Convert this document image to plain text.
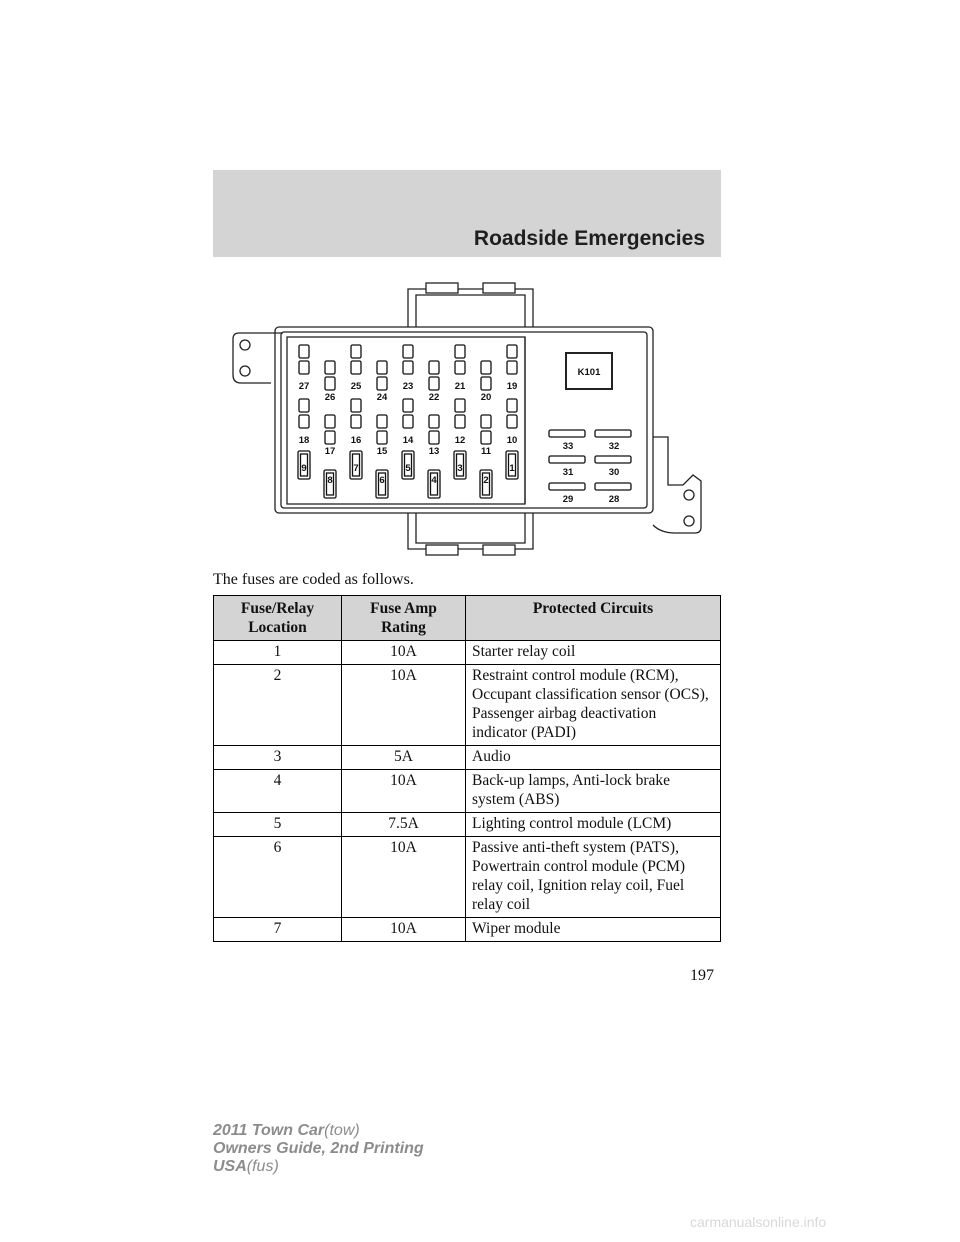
Roadside Emergencies
K101
27
26
25
24
23
22
21
20
19
18
17
16
15
14
13
12
11
10
9
8
7
6
5
4
3
2
1
33	32
31	30
29	28
The fuses are coded as follows.
Fuse/Relay Location	Fuse Amp Rating	Protected Circuits
1	10A	Starter relay coil
2	10A	Restraint control module (RCM), Occupant classification sensor (OCS), Passenger airbag deactivation indicator (PADI)
3	5A	Audio
4	10A	Back-up lamps, Anti-lock brake system (ABS)
5	7.5A	Lighting control module (LCM)
6	10A	Passive anti-theft system (PATS), Powertrain control module (PCM) relay coil, Ignition relay coil, Fuel relay coil
7	10A	Wiper module
197
2011 Town Car(tow)
Owners Guide, 2nd Printing
USA(fus)
carmanualsonline.info
